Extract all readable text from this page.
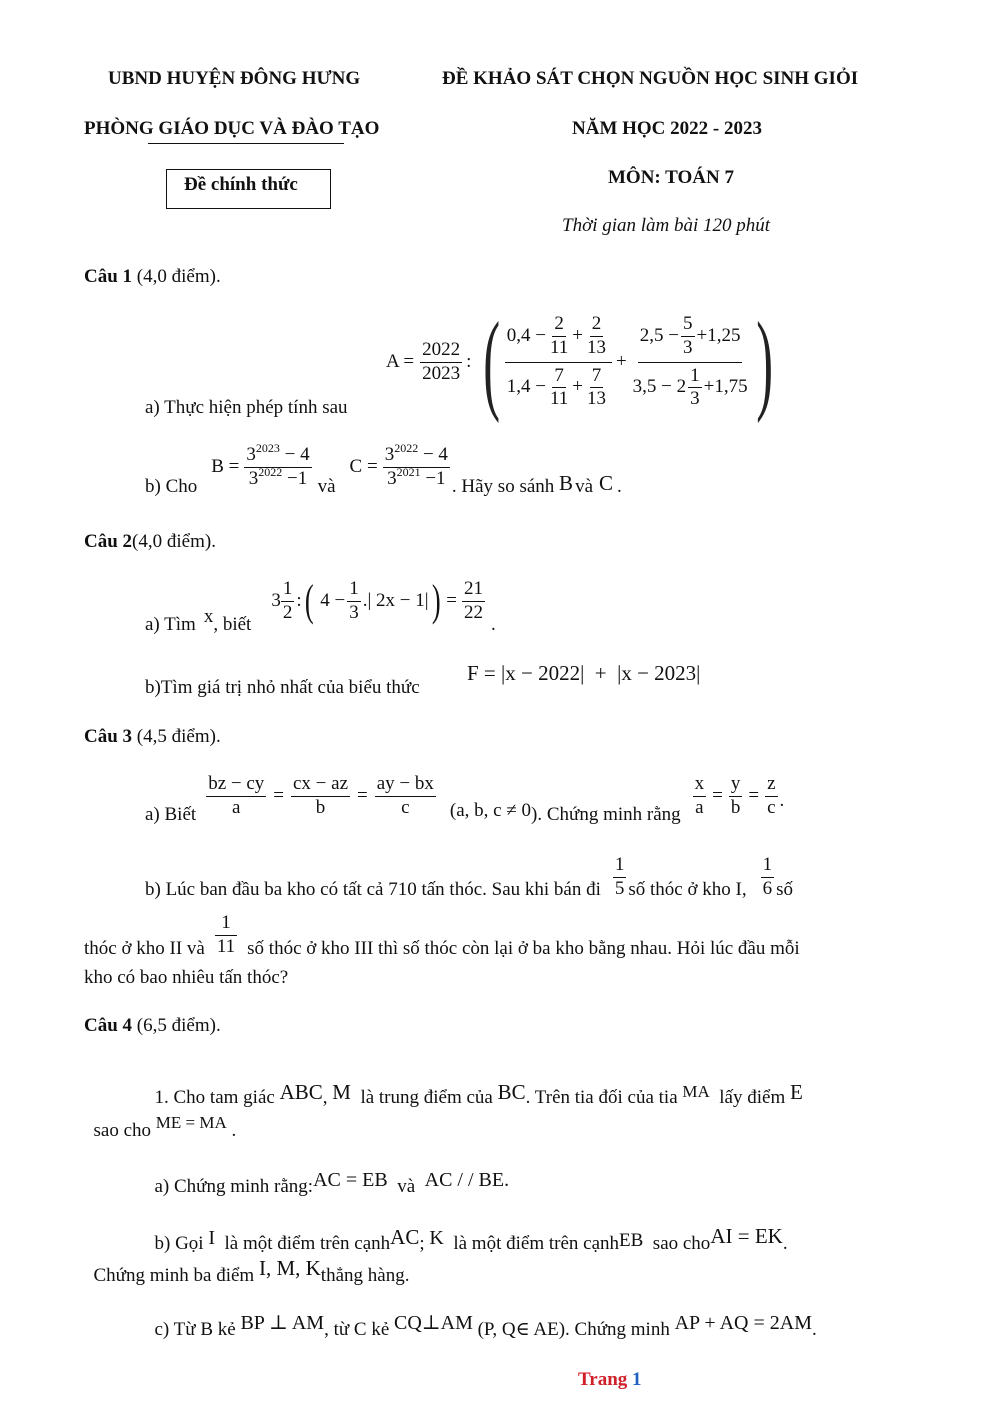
UBND HUYỆN ĐÔNG HƯNG
PHÒNG GIÁO DỤC VÀ ĐÀO TẠO
Đề chính thức
ĐỀ KHẢO SÁT CHỌN NGUỒN HỌC SINH GIỎI
NĂM HỌC 2022 - 2023
MÔN: TOÁN 7
Thời gian làm bài 120 phút
Câu 1 (4,0 điểm).
a) Thực hiện phép tính sau
$A = \frac{2022}{2023}$ : ( $\frac{0,4 - \frac{2}{11} + \frac{2}{13}}{1,4 - \frac{7}{11} + \frac{7}{13}} + \frac{2,5 - \frac{5}{3} +1,25}{3,5 - 2 \frac{1}{3} +1,75}$ )
b) Cho
$B = \frac{3^{2023} - 4}{3^{2022} -1}$ và
$C = \frac{3^{2022} - 4}{3^{2021} -1}$ . Hãy so sánh B và C .
Câu 2(4,0 điểm).
a) Tìm x , biết
$3 \frac{1}{2}$ : ( $4 - \frac{1}{3}$ .| 2x − 1| ) = $\frac{21}{22}$
.
b)Tìm giá trị nhỏ nhất của biểu thức
F = |x − 2022|  +  |x − 2023|
Câu 3 (4,5 điểm).
a) Biết $\frac{bz - cy}{a} = \frac{cx - az}{b} = \frac{ay - bx}{c} (a$, b, c ≠ 0 ). Chứng minh rằng $\frac{x}{a} = \frac{y}{b} = \frac{z}{c}$ .
b) Lúc ban đầu ba kho có tất cả 710 tấn thóc. Sau khi bán đi $\frac{1}{5}$ số thóc ở kho I, $\frac{1}{6}$ số
thóc ở kho II và $\frac{1}{11}$ số thóc ở kho III thì số thóc còn lại ở ba kho bằng nhau. Hỏi lúc đầu mỗi
kho có bao nhiêu tấn thóc?
Câu 4 (6,5 điểm).

1. Cho tam giác ABC, M  là trung điểm của BC. Trên tia đối của tia MA  lấy điểm E

sao cho ME = MA .

a) Chứng minh rằng:AC = EB  và  AC / / BE.

b) Gọi I  là một điểm trên cạnhAC; K  là một điểm trên cạnhEB  sao choAI = EK.

Chứng minh ba điểm I, M, Kthẳng hàng.

c) Từ B kẻ BP ⊥ AM, từ C kẻ CQ⊥AM (P, Q∈ AE). Chứng minh AP + AQ = 2AM.

Trang 1
